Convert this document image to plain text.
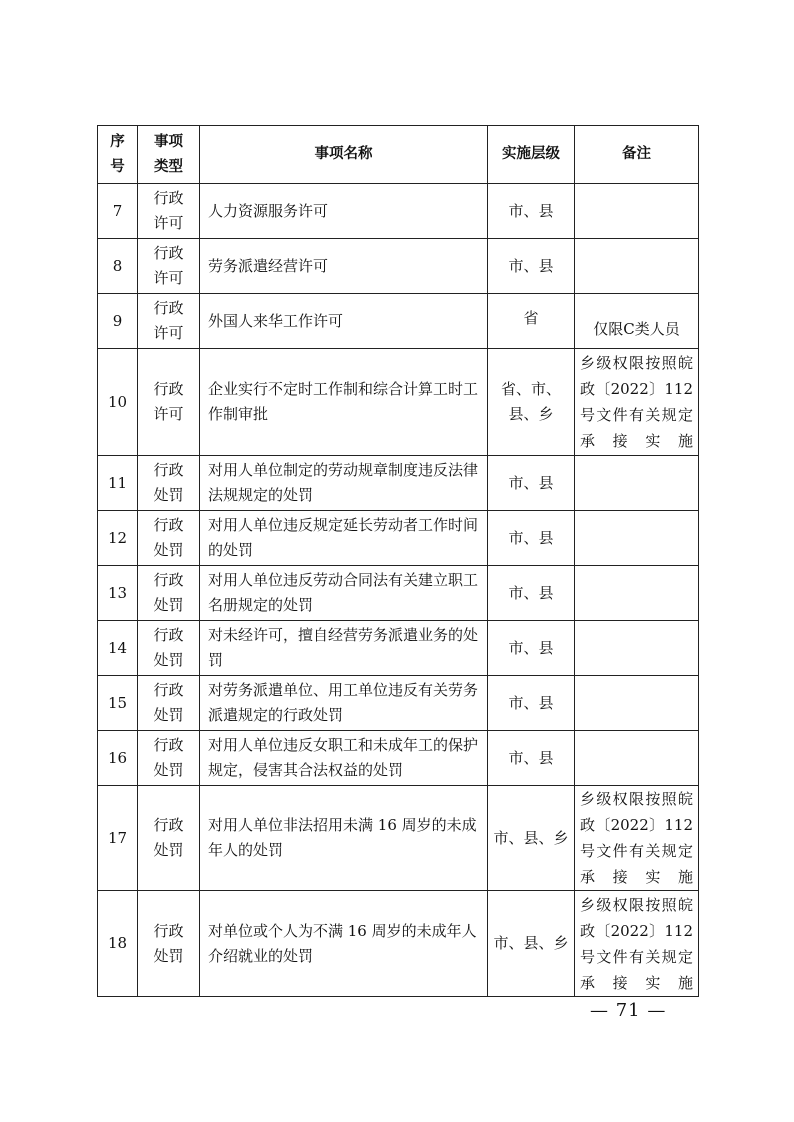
序号	事项类型	事项名称	实施层级	备注
7	行政许可	人力资源服务许可	市、县	
8	行政许可	劳务派遣经营许可	市、县	
9	行政许可	外国人来华工作许可	省	仅限C类人员
10	行政许可	企业实行不定时工作制和综合计算工时工作制审批	省、市、县、乡	乡级权限按照皖政〔2022〕112号文件有关规定承接实施
11	行政处罚	对用人单位制定的劳动规章制度违反法律法规规定的处罚	市、县	
12	行政处罚	对用人单位违反规定延长劳动者工作时间的处罚	市、县	
13	行政处罚	对用人单位违反劳动合同法有关建立职工名册规定的处罚	市、县	
14	行政处罚	对未经许可，擅自经营劳务派遣业务的处罚	市、县	
15	行政处罚	对劳务派遣单位、用工单位违反有关劳务派遣规定的行政处罚	市、县	
16	行政处罚	对用人单位违反女职工和未成年工的保护规定，侵害其合法权益的处罚	市、县	
17	行政处罚	对用人单位非法招用未满 16 周岁的未成年人的处罚	市、县、乡	乡级权限按照皖政〔2022〕112号文件有关规定承接实施
18	行政处罚	对单位或个人为不满 16 周岁的未成年人介绍就业的处罚	市、县、乡	乡级权限按照皖政〔2022〕112号文件有关规定承接实施
— 71 —
